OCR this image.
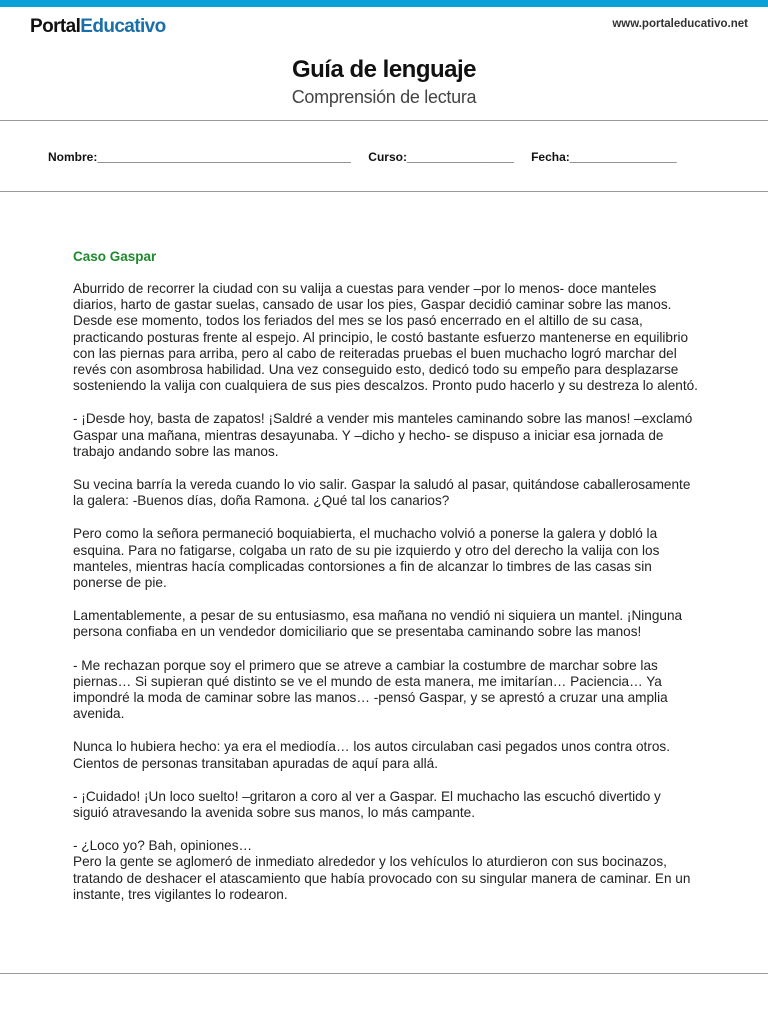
PortalEducativo	www.portaleducativo.net
Guía de lenguaje
Comprensión de lectura
Nombre:______________________________________ Curso:________________ Fecha:________________
Caso Gaspar

Aburrido de recorrer la ciudad con su valija a cuestas para vender –por lo menos- doce manteles diarios, harto de gastar suelas, cansado de usar los pies, Gaspar decidió caminar sobre las manos. Desde ese momento, todos los feriados del mes se los pasó encerrado en el altillo de su casa, practicando posturas frente al espejo. Al principio, le costó bastante esfuerzo mantenerse en equilibrio con las piernas para arriba, pero al cabo de reiteradas pruebas el buen muchacho logró marchar del revés con asombrosa habilidad. Una vez conseguido esto, dedicó todo su empeño para desplazarse sosteniendo la valija con cualquiera de sus pies descalzos. Pronto pudo hacerlo y su destreza lo alentó.

- ¡Desde hoy, basta de zapatos! ¡Saldré a vender mis manteles caminando sobre las manos! –exclamó Gaspar una mañana, mientras desayunaba. Y –dicho y hecho- se dispuso a iniciar esa jornada de trabajo andando sobre las manos.

Su vecina barría la vereda cuando lo vio salir. Gaspar la saludó al pasar, quitándose caballerosamente la galera: -Buenos días, doña Ramona. ¿Qué tal los canarios?

Pero como la señora permaneció boquiabierta, el muchacho volvió a ponerse la galera y dobló la esquina. Para no fatigarse, colgaba un rato de su pie izquierdo y otro del derecho la valija con los manteles, mientras hacía complicadas contorsiones a fin de alcanzar lo timbres de las casas sin ponerse de pie.

Lamentablemente, a pesar de su entusiasmo, esa mañana no vendió ni siquiera un mantel. ¡Ninguna persona confiaba en un vendedor domiciliario que se presentaba caminando sobre las manos!

- Me rechazan porque soy el primero que se atreve a cambiar la costumbre de marchar sobre las piernas… Si supieran qué distinto se ve el mundo de esta manera, me imitarían… Paciencia… Ya impondré la moda de caminar sobre las manos… -pensó Gaspar, y se aprestó a cruzar una amplia avenida.

Nunca lo hubiera hecho: ya era el mediodía… los autos circulaban casi pegados unos contra otros. Cientos de personas transitaban apuradas de aquí para allá.

- ¡Cuidado! ¡Un loco suelto! –gritaron a coro al ver a Gaspar. El muchacho las escuchó divertido y siguió atravesando la avenida sobre sus manos, lo más campante.

- ¿Loco yo? Bah, opiniones…

Pero la gente se aglomeró de inmediato alrededor y los vehículos lo aturdieron con sus bocinazos, tratando de deshacer el atascamiento que había provocado con su singular manera de caminar. En un instante, tres vigilantes lo rodearon.
